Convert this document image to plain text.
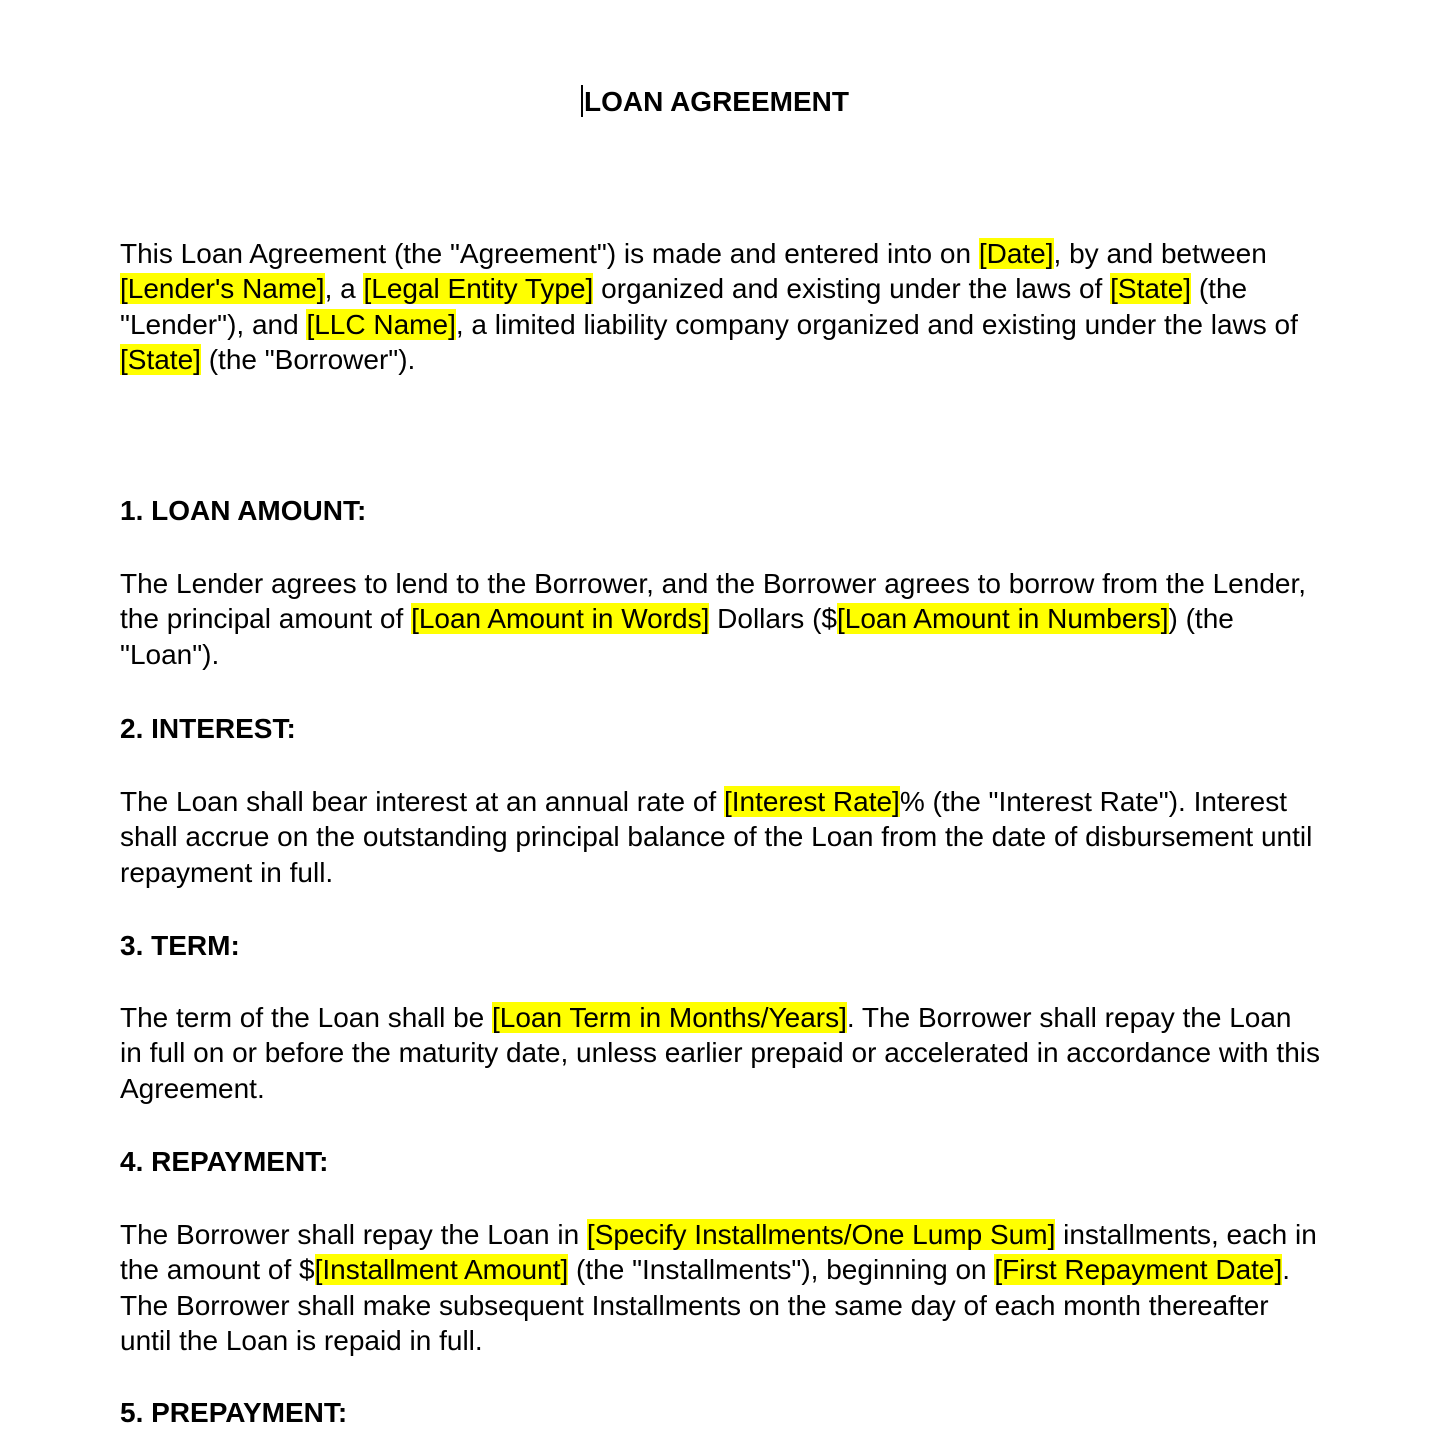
LOAN AGREEMENT

This Loan Agreement (the "Agreement") is made and entered into on [Date], by and between [Lender's Name], a [Legal Entity Type] organized and existing under the laws of [State] (the "Lender"), and [LLC Name], a limited liability company organized and existing under the laws of [State] (the "Borrower").

1. LOAN AMOUNT:

The Lender agrees to lend to the Borrower, and the Borrower agrees to borrow from the Lender, the principal amount of [Loan Amount in Words] Dollars ($[Loan Amount in Numbers]) (the "Loan").

2. INTEREST:

The Loan shall bear interest at an annual rate of [Interest Rate]% (the "Interest Rate"). Interest shall accrue on the outstanding principal balance of the Loan from the date of disbursement until repayment in full.

3. TERM:

The term of the Loan shall be [Loan Term in Months/Years]. The Borrower shall repay the Loan in full on or before the maturity date, unless earlier prepaid or accelerated in accordance with this Agreement.

4. REPAYMENT:

The Borrower shall repay the Loan in [Specify Installments/One Lump Sum] installments, each in the amount of $[Installment Amount] (the "Installments"), beginning on [First Repayment Date]. The Borrower shall make subsequent Installments on the same day of each month thereafter until the Loan is repaid in full.

5. PREPAYMENT:
